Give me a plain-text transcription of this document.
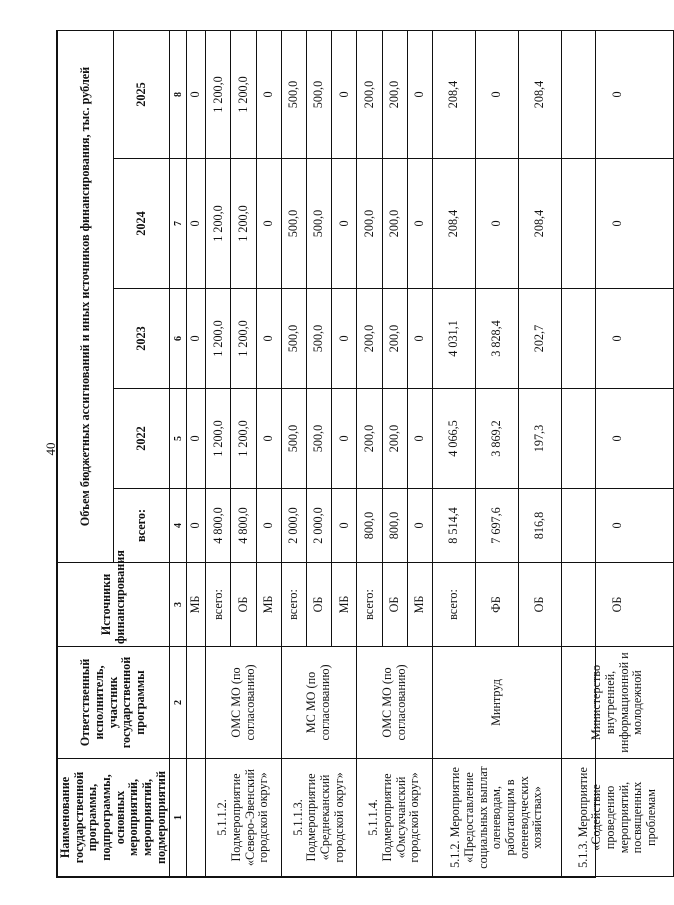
40
Наименование государственной программы, подпрограммы, основных мероприятий, мероприятий, подмероприятий	Ответственный исполнитель, участник государственной программы	Источники финансирования	Объем бюджетных ассигнований и иных источников финансирования, тыс. рублей				
			всего:	2022	2023	2024	2025
1	2	3	4	5	6	7	8
		МБ	0	0	0	0	0
5.1.1.2. Подмероприятие «Северо-Эвенский городской округ»	ОМС МО (по согласованию)	всего:	4 800,0	1 200,0	1 200,0	1 200,0	1 200,0
		ОБ	4 800,0	1 200,0	1 200,0	1 200,0	1 200,0
		МБ	0	0	0	0	0
5.1.1.3. Подмероприятие «Среднеканский городской округ»	МС МО (по согласованию)	всего:	2 000,0	500,0	500,0	500,0	500,0
		ОБ	2 000,0	500,0	500,0	500,0	500,0
		МБ	0	0	0	0	0
5.1.1.4. Подмероприятие «Омсукчанский городской округ»	ОМС МО (по согласованию)	всего:	800,0	200,0	200,0	200,0	200,0
		ОБ	800,0	200,0	200,0	200,0	200,0
		МБ	0	0	0	0	0
5.1.2. Мероприятие «Предоставление социальных выплат оленеводам, работающим в оленеводческих хозяйствах»	Минтруд	всего:	8 514,4	4 066,5	4 031,1	208,4	208,4
		ФБ	7 697,6	3 869,2	3 828,4	0	0
		ОБ	816,8	197,3	202,7	208,4	208,4
5.1.3. Мероприятие «Содействие проведению мероприятий, посвященных проблемам	Министерство внутренней, информационной и молодежной	ОБ	0	0	0	0	0
